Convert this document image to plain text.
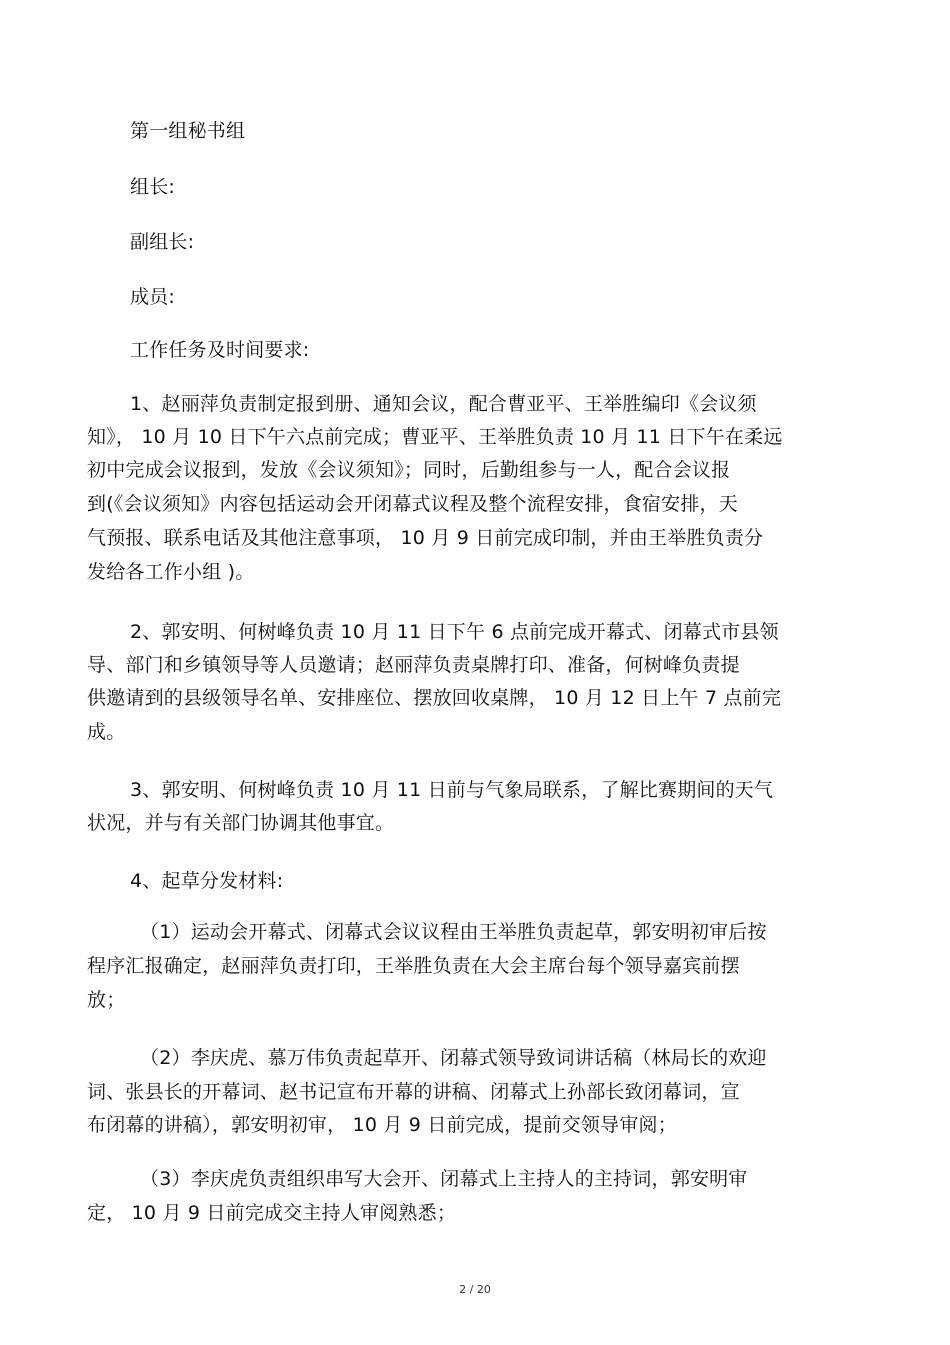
第一组秘书组
组长:
副组长:
成员:
工作任务及时间要求:
1、赵丽萍负责制定报到册、通知会议，配合曹亚平、王举胜编印《会议须
知》， 10 月 10 日下午六点前完成；曹亚平、王举胜负责 10 月 11 日下午在柔远
初中完成会议报到，发放《会议须知》；同时，后勤组参与一人，配合会议报
到(《会议须知》内容包括运动会开闭幕式议程及整个流程安排，食宿安排，天
气预报、联系电话及其他注意事项， 10 月 9 日前完成印制，并由王举胜负责分
发给各工作小组 )。
2、郭安明、何树峰负责 10 月 11 日下午 6 点前完成开幕式、闭幕式市县领
导、部门和乡镇领导等人员邀请；赵丽萍负责桌牌打印、准备，何树峰负责提
供邀请到的县级领导名单、安排座位、摆放回收桌牌， 10 月 12 日上午 7 点前完
成。
3、郭安明、何树峰负责 10 月 11 日前与气象局联系，了解比赛期间的天气
状况，并与有关部门协调其他事宜。
4、起草分发材料:
（1）运动会开幕式、闭幕式会议议程由王举胜负责起草，郭安明初审后按
程序汇报确定，赵丽萍负责打印，王举胜负责在大会主席台每个领导嘉宾前摆
放；
（2）李庆虎、慕万伟负责起草开、闭幕式领导致词讲话稿（林局长的欢迎
词、张县长的开幕词、赵书记宣布开幕的讲稿、闭幕式上孙部长致闭幕词，宣
布闭幕的讲稿），郭安明初审， 10 月 9 日前完成，提前交领导审阅；
（3）李庆虎负责组织串写大会开、闭幕式上主持人的主持词，郭安明审
定， 10 月 9 日前完成交主持人审阅熟悉；
2 / 20
